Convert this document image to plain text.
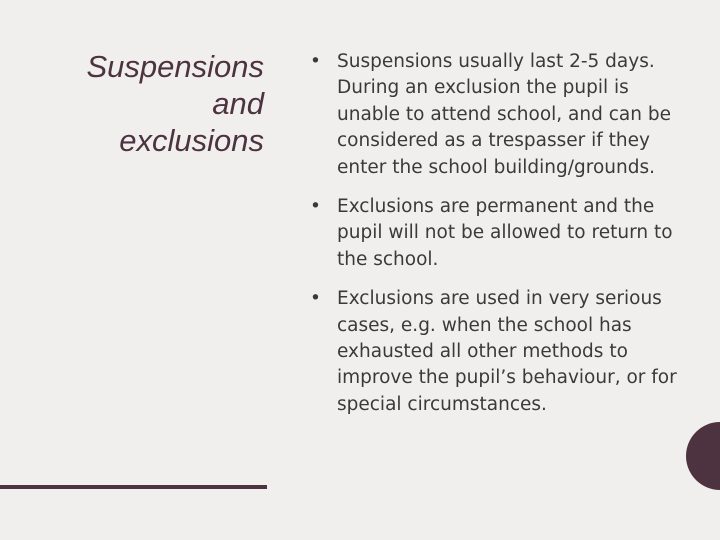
Suspensions
and
exclusions
• Suspensions usually last 2-5 days. During an exclusion the pupil is unable to attend school, and can be considered as a trespasser if they enter the school building/grounds.
• Exclusions are permanent and the pupil will not be allowed to return to the school.
• Exclusions are used in very serious cases, e.g. when the school has exhausted all other methods to improve the pupil’s behaviour, or for special circumstances.
